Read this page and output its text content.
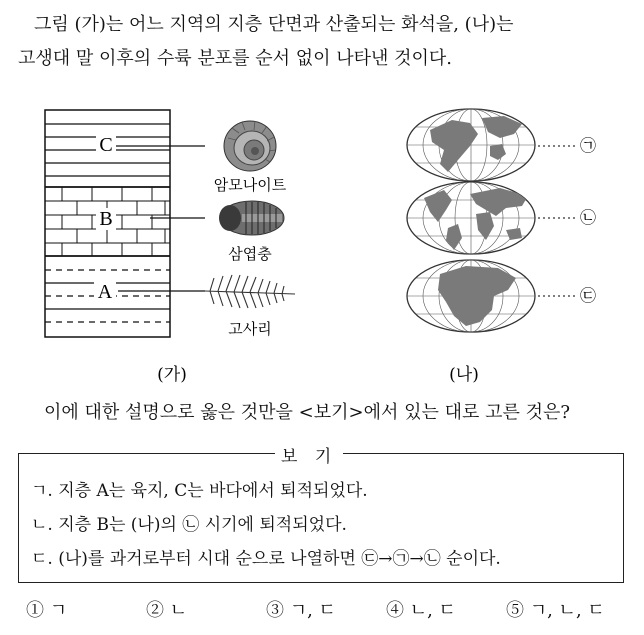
그림 (가)는 어느 지역의 지층 단면과 산출되는 화석을, (나)는
고생대 말 이후의 수륙 분포를 순서 없이 나타낸 것이다.
C
B
A
암모나이트
삼엽충
고사리
㉠
㉡
㉢
(가)	(나)
이에 대한 설명으로 옳은 것만을 <보기>에서 있는 대로 고른 것은?
보 기
ㄱ. 지층 A는 육지, C는 바다에서 퇴적되었다.
ㄴ. 지층 B는 (나)의 ㉡ 시기에 퇴적되었다.
ㄷ. (나)를 과거로부터 시대 순으로 나열하면 ㉢→㉠→㉡ 순이다.
① ㄱ	② ㄴ	③ ㄱ, ㄷ	④ ㄴ, ㄷ	⑤ ㄱ, ㄴ, ㄷ
